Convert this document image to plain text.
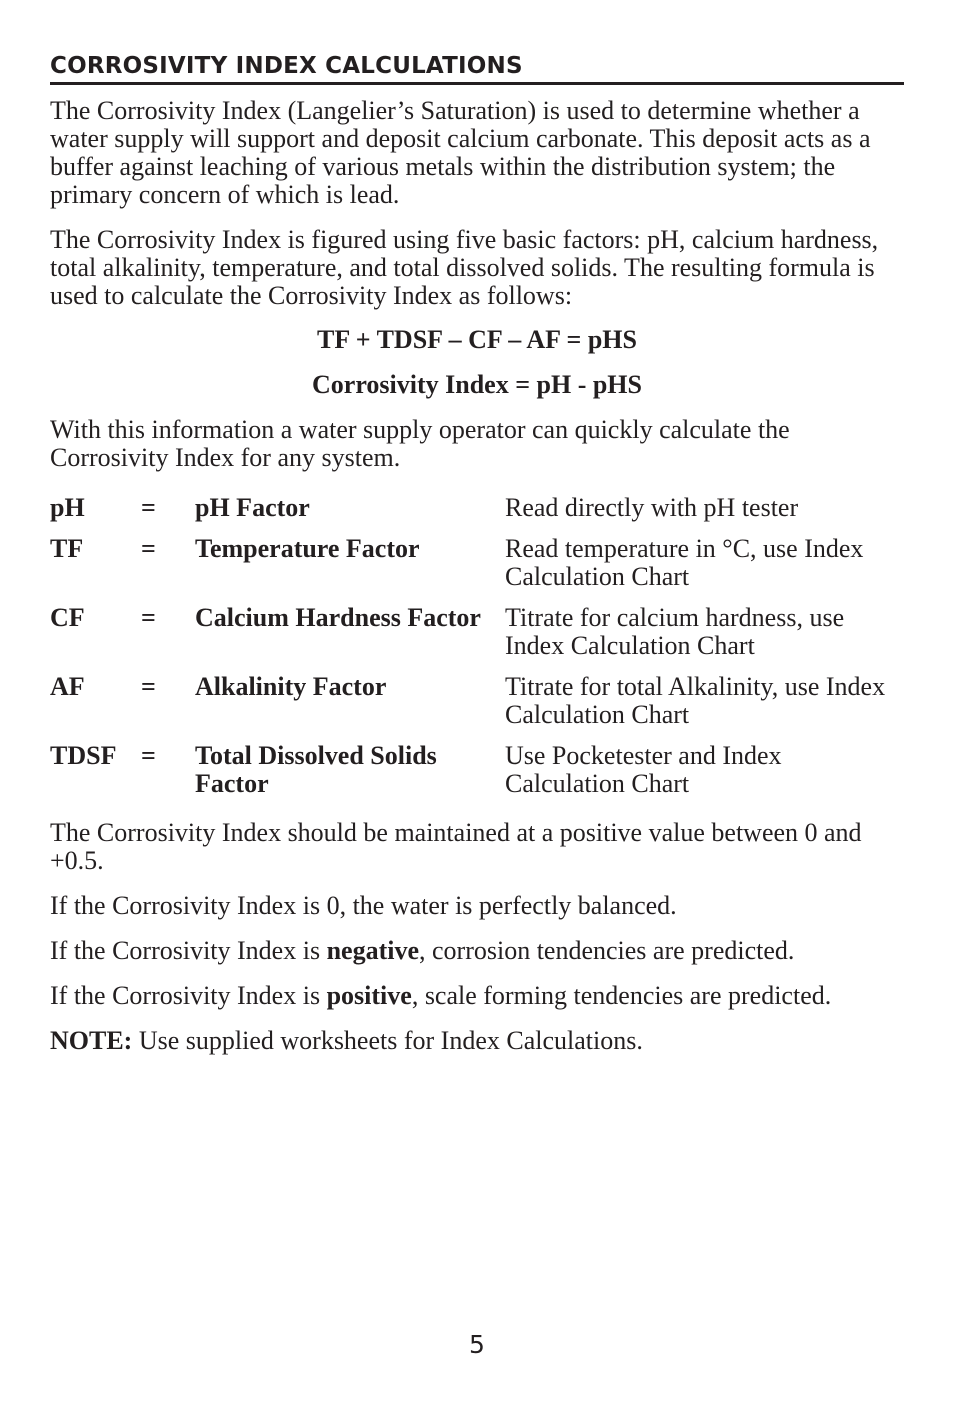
CORROSIVITY INDEX CALCULATIONS

The Corrosivity Index (Langelier’s Saturation) is used to determine whether a water supply will support and deposit calcium carbonate. This deposit acts as a buffer against leaching of various metals within the distribution system; the primary concern of which is lead.

The Corrosivity Index is figured using five basic factors: pH, calcium hardness, total alkalinity, temperature, and total dissolved solids. The resulting formula is used to calculate the Corrosivity Index as follows:

TF + TDSF – CF – AF = pHS

Corrosivity Index = pH - pHS

With this information a water supply operator can quickly calculate the Corrosivity Index for any system.

pH	=	pH Factor	Read directly with pH tester
TF	=	Temperature Factor	Read temperature in °C, use Index Calculation Chart
CF	=	Calcium Hardness Factor	Titrate for calcium hardness, use Index Calculation Chart
AF	=	Alkalinity Factor	Titrate for total Alkalinity, use Index Calculation Chart
TDSF	=	Total Dissolved Solids Factor	Use Pocketester and Index Calculation Chart

The Corrosivity Index should be maintained at a positive value between 0 and +0.5.

If the Corrosivity Index is 0, the water is perfectly balanced.

If the Corrosivity Index is negative, corrosion tendencies are predicted.

If the Corrosivity Index is positive, scale forming tendencies are predicted.

NOTE: Use supplied worksheets for Index Calculations.

5
